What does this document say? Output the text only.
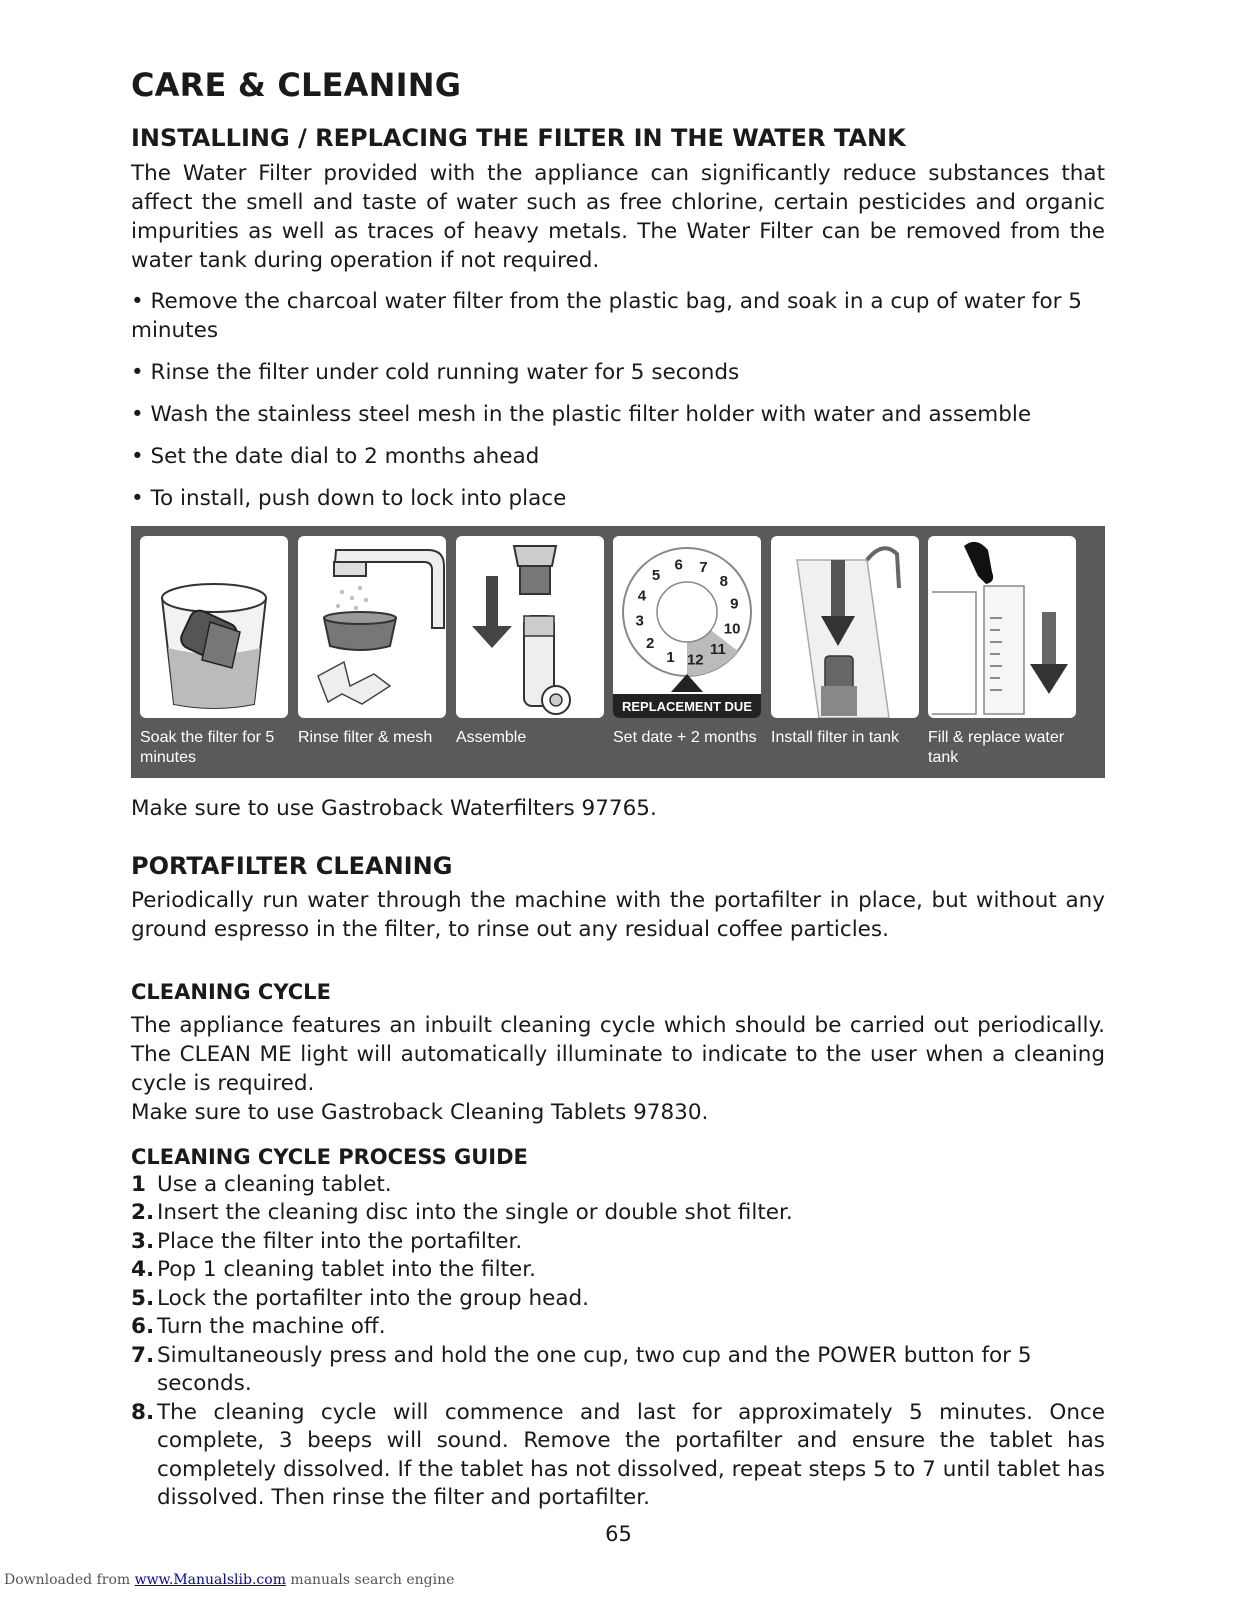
CARE & CLEANING
INSTALLING / REPLACING THE FILTER IN THE WATER TANK

The Water Filter provided with the appliance can significantly reduce substances that affect the smell and taste of water such as free chlorine, certain pesticides and organic impurities as well as traces of heavy metals. The Water Filter can be removed from the water tank during operation if not required.

• Remove the charcoal water filter from the plastic bag, and soak in a cup of water for 5 minutes
• Rinse the filter under cold running water for 5 seconds
• Wash the stainless steel mesh in the plastic filter holder with water and assemble
• Set the date dial to 2 months ahead
• To install, push down to lock into place
1
2
3
4
5
6 7
8
9
10
11
12
REPLACEMENT DUE
Soak the filter for 5 minutes
Rinse filter & mesh	Assemble	Set date + 2 months Install filter in tank	Fill & replace water tank

Make sure to use Gastroback Waterfilters 97765.

PORTAFILTER CLEANING

Periodically run water through the machine with the portafilter in place, but without any ground espresso in the filter, to rinse out any residual coffee particles.

CLEANING CYCLE

The appliance features an inbuilt cleaning cycle which should be carried out periodically. The CLEAN ME light will automatically illuminate to indicate to the user when a cleaning cycle is required.

Make sure to use Gastroback Cleaning Tablets 97830.

CLEANING CYCLE PROCESS GUIDE
1 Use a cleaning tablet.
2. Insert the cleaning disc into the single or double shot filter.
3. Place the filter into the portafilter.
4. Pop 1 cleaning tablet into the filter.
5. Lock the portafilter into the group head.
6. Turn the machine off.
7. Simultaneously press and hold the one cup, two cup and the POWER button for 5 seconds.
8. The cleaning cycle will commence and last for approximately 5 minutes. Once complete, 3 beeps will sound. Remove the portafilter and ensure the tablet has completely dissolved. If the tablet has not dissolved, repeat steps 5 to 7 until tablet has dissolved. Then rinse the filter and portafilter.
65
Downloaded from www.Manualslib.com manuals search engine
